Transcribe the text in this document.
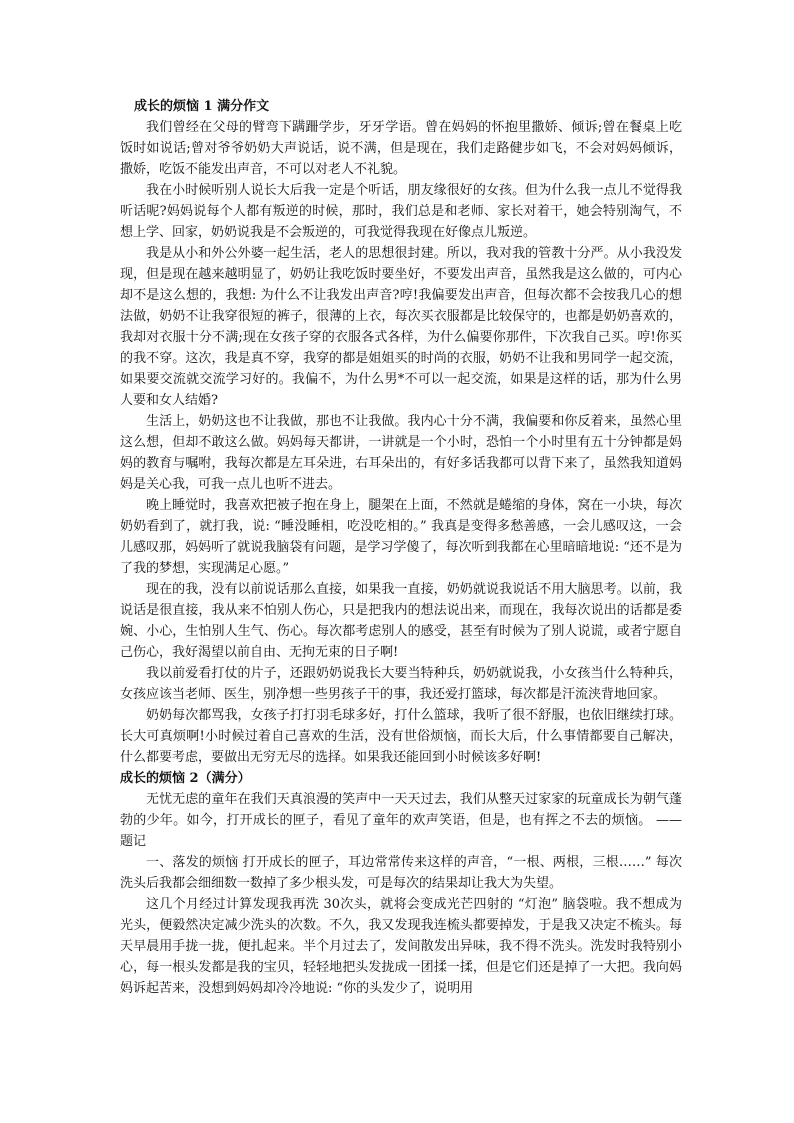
成长的烦恼 1 满分作文

我们曾经在父母的臂弯下蹒跚学步，牙牙学语。曾在妈妈的怀抱里撒娇、倾诉;曾在餐桌上吃饭时如说话;曾对爷爷奶奶大声说话，说不满，但是现在，我们走路健步如飞，不会对妈妈倾诉，撒娇，吃饭不能发出声音，不可以对老人不礼貌。

我在小时候听别人说长大后我一定是个听话，朋友缘很好的女孩。但为什么我一点儿不觉得我听话呢?妈妈说每个人都有叛逆的时候，那时，我们总是和老师、家长对着干，她会特别淘气，不想上学、回家，奶奶说我是不会叛逆的，可我觉得我现在好像点儿叛逆。

我是从小和外公外婆一起生活，老人的思想很封建。所以，我对我的管教十分严。从小我没发现，但是现在越来越明显了，奶奶让我吃饭时要坐好，不要发出声音，虽然我是这么做的，可内心却不是这么想的，我想: 为什么不让我发出声音?哼!我偏要发出声音，但每次都不会按我几心的想法做，奶奶不让我穿很短的裤子，很薄的上衣，每次买衣服都是比较保守的，也都是奶奶喜欢的，我却对衣服十分不满;现在女孩子穿的衣服各式各样，为什么偏要你那件，下次我自己买。哼!你买的我不穿。这次，我是真不穿，我穿的都是姐姐买的时尚的衣服，奶奶不让我和男同学一起交流，如果要交流就交流学习好的。我偏不，为什么男*不可以一起交流，如果是这样的话，那为什么男人要和女人结婚?

生活上，奶奶这也不让我做，那也不让我做。我内心十分不满，我偏要和你反着来，虽然心里这么想，但却不敢这么做。妈妈每天都讲，一讲就是一个小时，恐怕一个小时里有五十分钟都是妈妈的教育与嘱咐，我每次都是左耳朵进，右耳朵出的，有好多话我都可以背下来了，虽然我知道妈妈是关心我，可我一点儿也听不进去。

晚上睡觉时，我喜欢把被子抱在身上，腿架在上面，不然就是蜷缩的身体，窝在一小块，每次奶奶看到了，就打我，说: “睡没睡相，吃没吃相的。” 我真是变得多愁善感，一会儿感叹这，一会儿感叹那，妈妈听了就说我脑袋有问题，是学习学傻了，每次听到我都在心里暗暗地说: “还不是为了我的梦想，实现满足心愿。”

现在的我，没有以前说话那么直接，如果我一直接，奶奶就说我说话不用大脑思考。以前，我说话是很直接，我从来不怕别人伤心，只是把我内的想法说出来，而现在，我每次说出的话都是委婉、小心，生怕别人生气、伤心。每次都考虑别人的感受，甚至有时候为了别人说谎，或者宁愿自己伤心，我好渴望以前自由、无拘无束的日子啊!

我以前爱看打仗的片子，还跟奶奶说我长大要当特种兵，奶奶就说我，小女孩当什么特种兵，女孩应该当老师、医生，别净想一些男孩子干的事，我还爱打篮球，每次都是汗流浃背地回家。

奶奶每次都骂我，女孩子打打羽毛球多好，打什么篮球，我听了很不舒服，也依旧继续打球。 长大可真烦啊!小时候过着自己喜欢的生活，没有世俗烦恼，而长大后，什么事情都要自己解决，什么都要考虑，要做出无穷无尽的选择。如果我还能回到小时候该多好啊!

成长的烦恼 2（满分）

无忧无虑的童年在我们天真浪漫的笑声中一天天过去，我们从整天过家家的玩童成长为朝气蓬勃的少年。如今，打开成长的匣子，看见了童年的欢声笑语，但是，也有挥之不去的烦恼。 ——题记

一、落发的烦恼 打开成长的匣子，耳边常常传来这样的声音，“一根、两根，三根……” 每次洗头后我都会细细数一数掉了多少根头发，可是每次的结果却让我大为失望。

这几个月经过计算发现我再洗 30次头，就将会变成光芒四射的 “灯泡” 脑袋啦。我不想成为光头，便毅然决定减少洗头的次数。不久，我又发现我连梳头都要掉发，于是我又决定不梳头。每天早晨用手拢一拢，便扎起来。半个月过去了，发间散发出异味，我不得不洗头。洗发时我特别小心，每一根头发都是我的宝贝，轻轻地把头发拢成一团揉一揉，但是它们还是掉了一大把。我向妈妈诉起苦来，没想到妈妈却冷冷地说: “你的头发少了，说明用
